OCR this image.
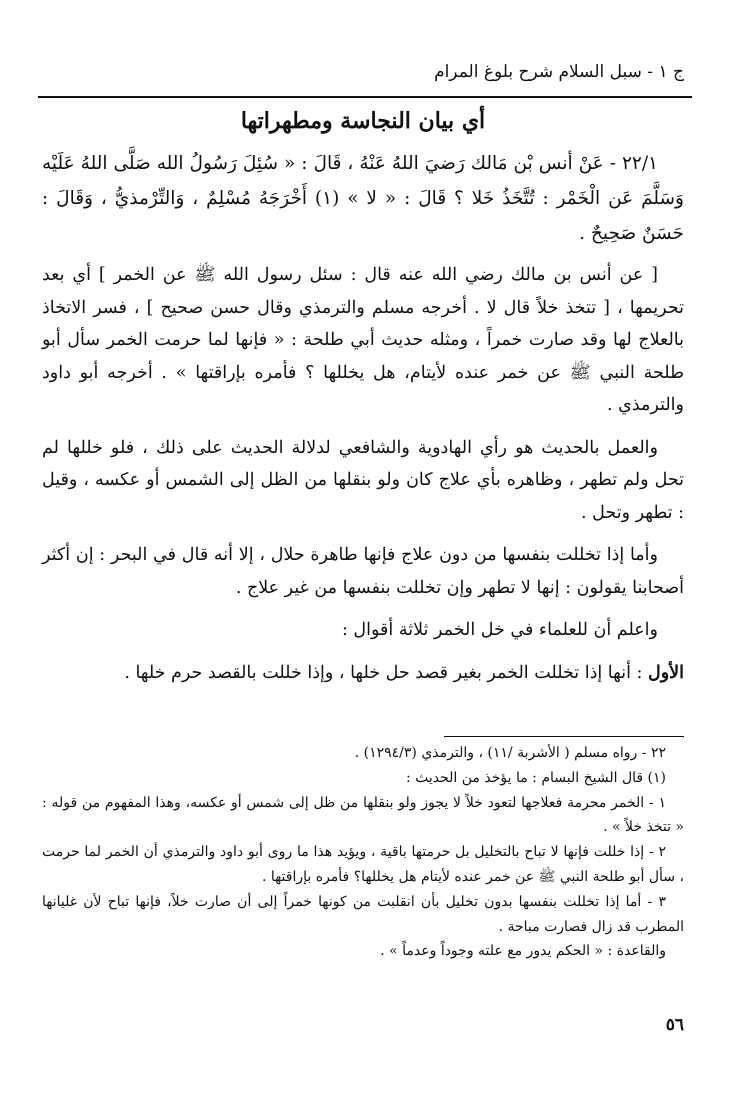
ج ١ - سبل السلام شرح بلوغ المرام
أي بيان النجاسة ومطهراتها

٢٢/١ - عَنْ أنس بْن مَالك رَضيَ اللهُ عَنْهُ ، قَالَ : « سُئِلَ رَسُولُ الله صَلَّى اللهُ عَلَيْه وَسَلَّمَ عَن الْخَمْر : تُتَّخَذُ خَلا ؟ قَالَ : « لا » (١) أَخْرَجَهُ مُسْلِمٌ ، وَالتِّرْمذيُّ ، وَقَالَ : حَسَنٌ صَحِيحٌ .

[ عن أنس بن مالك رضي الله عنه قال : سئل رسول الله ﷺ عن الخمر ] أي بعد تحريمها ، [ تتخذ خلاً قال لا . أخرجه مسلم والترمذي وقال حسن صحيح ] ، فسر الاتخاذ بالعلاج لها وقد صارت خمراً ، ومثله حديث أبي طلحة : « فإنها لما حرمت الخمر سأل أبو طلحة النبي ﷺ عن خمر عنده لأيتام، هل يخللها ؟ فأمره بإراقتها » . أخرجه أبو داود والترمذي .

والعمل بالحديث هو رأي الهادوية والشافعي لدلالة الحديث على ذلك ، فلو خللها لم تحل ولم تطهر ، وظاهره بأي علاج كان ولو بنقلها من الظل إلى الشمس أو عكسه ، وقيل : تطهر وتحل .

وأما إذا تخللت بنفسها من دون علاج فإنها طاهرة حلال ، إلا أنه قال في البحر : إن أكثر أصحابنا يقولون : إنها لا تطهر وإن تخللت بنفسها من غير علاج .

واعلم أن للعلماء في خل الخمر ثلاثة أقوال :

الأول : أنها إذا تخللت الخمر بغير قصد حل خلها ، وإذا خللت بالقصد حرم خلها .

٢٢ - رواه مسلم ( الأشربة /١١) ، والترمذي (١٢٩٤/٣) .

(١) قال الشيخ البسام : ما يؤخذ من الحديث :

١ - الخمر محرمة فعلاجها لتعود خلاً لا يجوز ولو بنقلها من ظل إلى شمس أو عكسه، وهذا المفهوم من قوله : « تتخذ خلاً » .

٢ - إذا خللت فإنها لا تباح بالتخليل بل حرمتها باقية ، ويؤيد هذا ما روى أبو داود والترمذي أن الخمر لما حرمت ، سأل أبو طلحة النبي ﷺ عن خمر عنده لأيتام هل يخللها؟ فأمره بإراقتها .

٣ - أما إذا تخللت بنفسها بدون تخليل بأن انقلبت من كونها خمراً إلى أن صارت خلاً، فإنها تباح لأن غليانها المطرب قد زال فصارت مباحة .

والقاعدة : « الحكم يدور مع علته وجوداً وعدماً » .

٥٦
